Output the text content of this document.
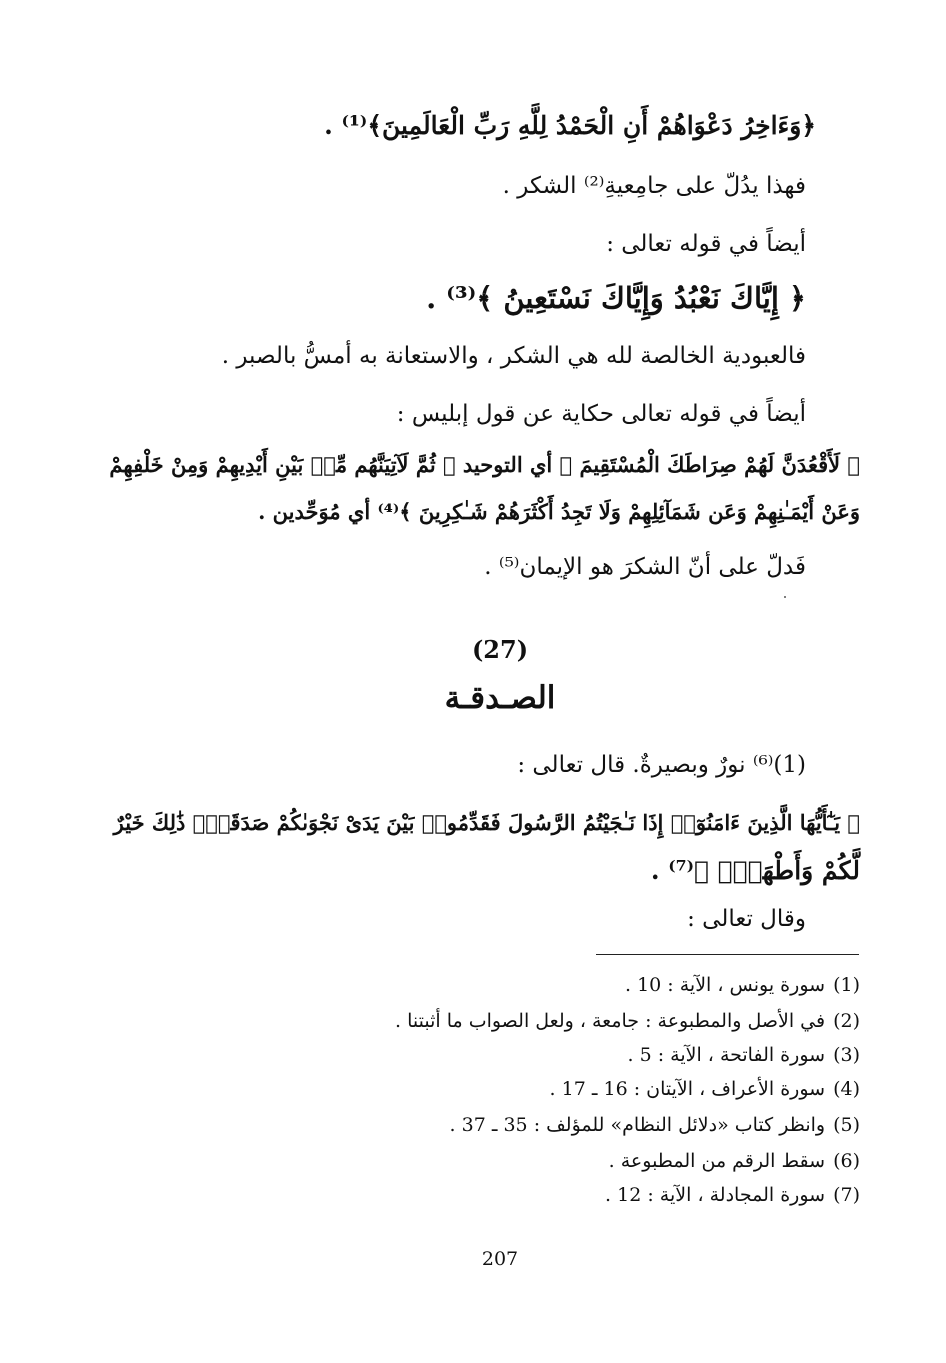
﴿وَءَاخِرُ دَعْوَاهُمْ أَنِ الْحَمْدُ لِلَّهِ رَبِّ الْعَالَمِينَ﴾⁽¹⁾ .
فهذا يدُلّ على جامِعيةِ⁽²⁾ الشكر .
أيضاً في قوله تعالى :
﴿ إِيَّاكَ نَعْبُدُ وَإِيَّاكَ نَسْتَعِينُ ﴾⁽³⁾ .
فالعبودية الخالصة لله هي الشكر ، والاستعانة به أمسُّ بالصبر .
أيضاً في قوله تعالى حكاية عن قول إبليس :
﴿ لَأَقْعُدَنَّ لَهُمْ صِرَاطَكَ الْمُسْتَقِيمَ ﴾ أي التوحيد ﴿ ثُمَّ لَآتِيَنَّهُم مِّنۢ بَيْنِ أَيْدِيهِمْ وَمِنْ خَلْفِهِمْ
وَعَنْ أَيْمَـٰنِهِمْ وَعَن شَمَآئِلِهِمْ وَلَا تَجِدُ أَكْثَرَهُمْ شَـٰكِرِينَ ﴾⁽⁴⁾ أي مُوَحِّدين .
فَدلّ على أنّ الشكرَ هو الإيمان⁽⁵⁾ .
(27)
الصـدقـة
(1)⁽⁶⁾ نورٌ وبصيرةٌ. قال تعالى :
﴿ يَـٰٓأَيُّهَا الَّذِينَ ءَامَنُوٓا۟ إِذَا نَـٰجَيْتُمُ الرَّسُولَ فَقَدِّمُوا۟ بَيْنَ يَدَىْ نَجْوَىٰكُمْ صَدَقَةًۚ ذَٰلِكَ خَيْرٌ
لَّكُمْ وَأَطْهَرُۚ ﴾⁽⁷⁾ .
وقال تعالى :
(1)سورة يونس ، الآية : 10 .
(2)في الأصل والمطبوعة : جامعة ، ولعل الصواب ما أثبتنا .
(3)سورة الفاتحة ، الآية : 5 .
(4)سورة الأعراف ، الآيتان : 16 ـ 17 .
(5)وانظر كتاب «دلائل النظام» للمؤلف : 35 ـ 37 .
(6)سقط الرقم من المطبوعة .
(7)سورة المجادلة ، الآية : 12 .
207
